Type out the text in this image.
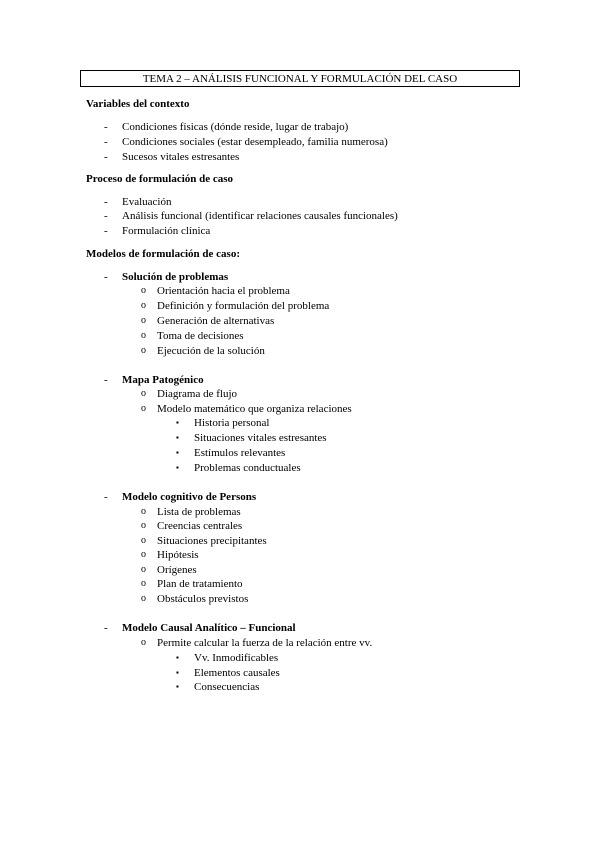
TEMA 2 – ANÁLISIS FUNCIONAL Y FORMULACIÓN DEL CASO
Variables del contexto
-	Condiciones físicas (dónde reside, lugar de trabajo)
-	Condiciones sociales (estar desempleado, familia numerosa)
-	Sucesos vitales estresantes
Proceso de formulación de caso
-	Evaluación
-	Análisis funcional (identificar relaciones causales funcionales)
-	Formulación clínica
Modelos de formulación de caso:
-	Solución de problemas
o Orientación hacia el problema
o Definición y formulación del problema
o Generación de alternativas
o Toma de decisiones
o Ejecución de la solución
-	Mapa Patogénico
o Diagrama de flujo
o Modelo matemático que organiza relaciones
▪ Historia personal
▪ Situaciones vitales estresantes
▪ Estímulos relevantes
▪ Problemas conductuales
-	Modelo cognitivo de Persons
o Lista de problemas
o Creencias centrales
o Situaciones precipitantes
o Hipótesis
o Orígenes
o Plan de tratamiento
o Obstáculos previstos
-	Modelo Causal Analítico – Funcional
o Permite calcular la fuerza de la relación entre vv.
▪ Vv. Inmodificables
▪ Elementos causales
▪ Consecuencias
